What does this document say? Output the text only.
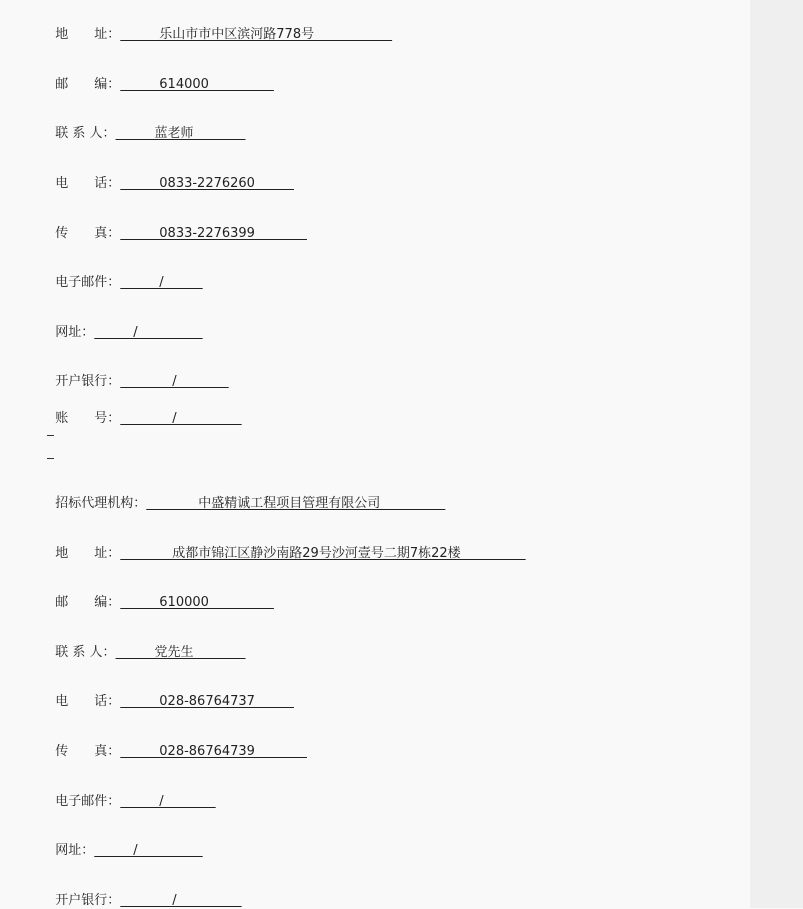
地　　址：　　　乐山市市中区滨河路778号　　　　　　

邮　　编：　　　614000　　　　　

联 系 人：　　　蓝老师　　　　

电　　话：　　　0833-2276260　　　

传　　真：　　　0833-2276399　　　　

电子邮件：　　　/　　　

网址：　　　/　　　　　

开户银行：　　　　/　　　　

账　　号：　　　　/　　　　　

招标代理机构：　　　　中盛精诚工程项目管理有限公司　　　　　

地　　址：　　　　成都市锦江区静沙南路29号沙河壹号二期7栋22楼　　　　　

邮　　编：　　　610000　　　　　

联 系 人：　　　党先生　　　　

电　　话：　　　028-86764737　　　

传　　真：　　　028-86764739　　　　

电子邮件：　　　/　　　　

网址：　　　/　　　　　

开户银行：　　　　/　　　　　
